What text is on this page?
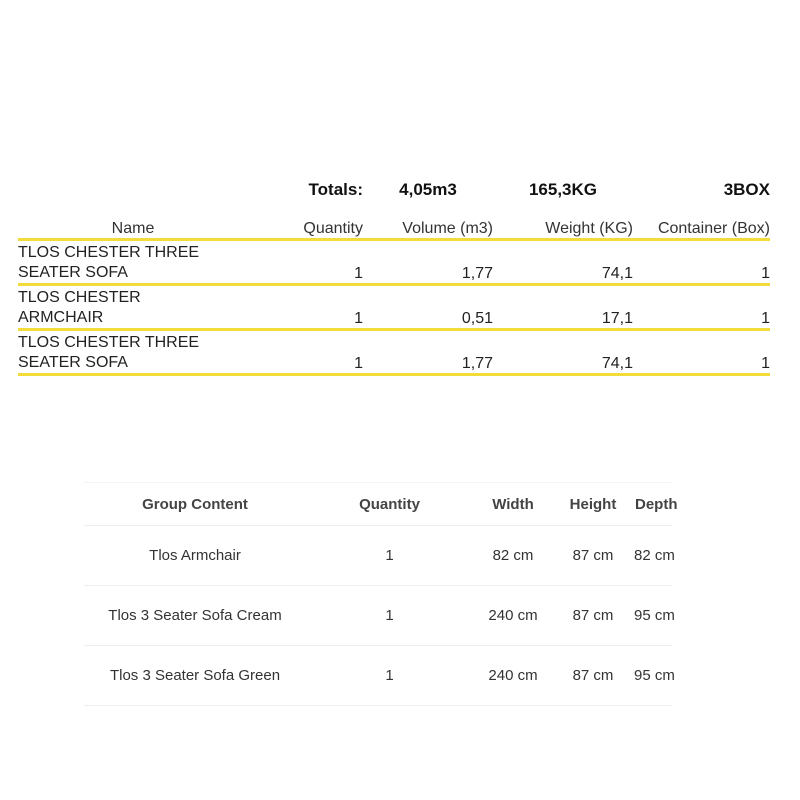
	Totals:	4,05m3	165,3KG	3BOX
Name	Quantity	Volume (m3)	Weight (KG)	Container (Box)

TLOS CHESTER THREE
SEATER SOFA	1	1,77	74,1	1
TLOS CHESTER
ARMCHAIR	1	0,51	17,1	1
TLOS CHESTER THREE
SEATER SOFA	1	1,77	74,1	1
Group Content	Quantity	Width	Height	Depth
Tlos Armchair	1	82 cm	87 cm	82 cm
Tlos 3 Seater Sofa Cream	1	240 cm	87 cm	95 cm
Tlos 3 Seater Sofa Green	1	240 cm	87 cm	95 cm
